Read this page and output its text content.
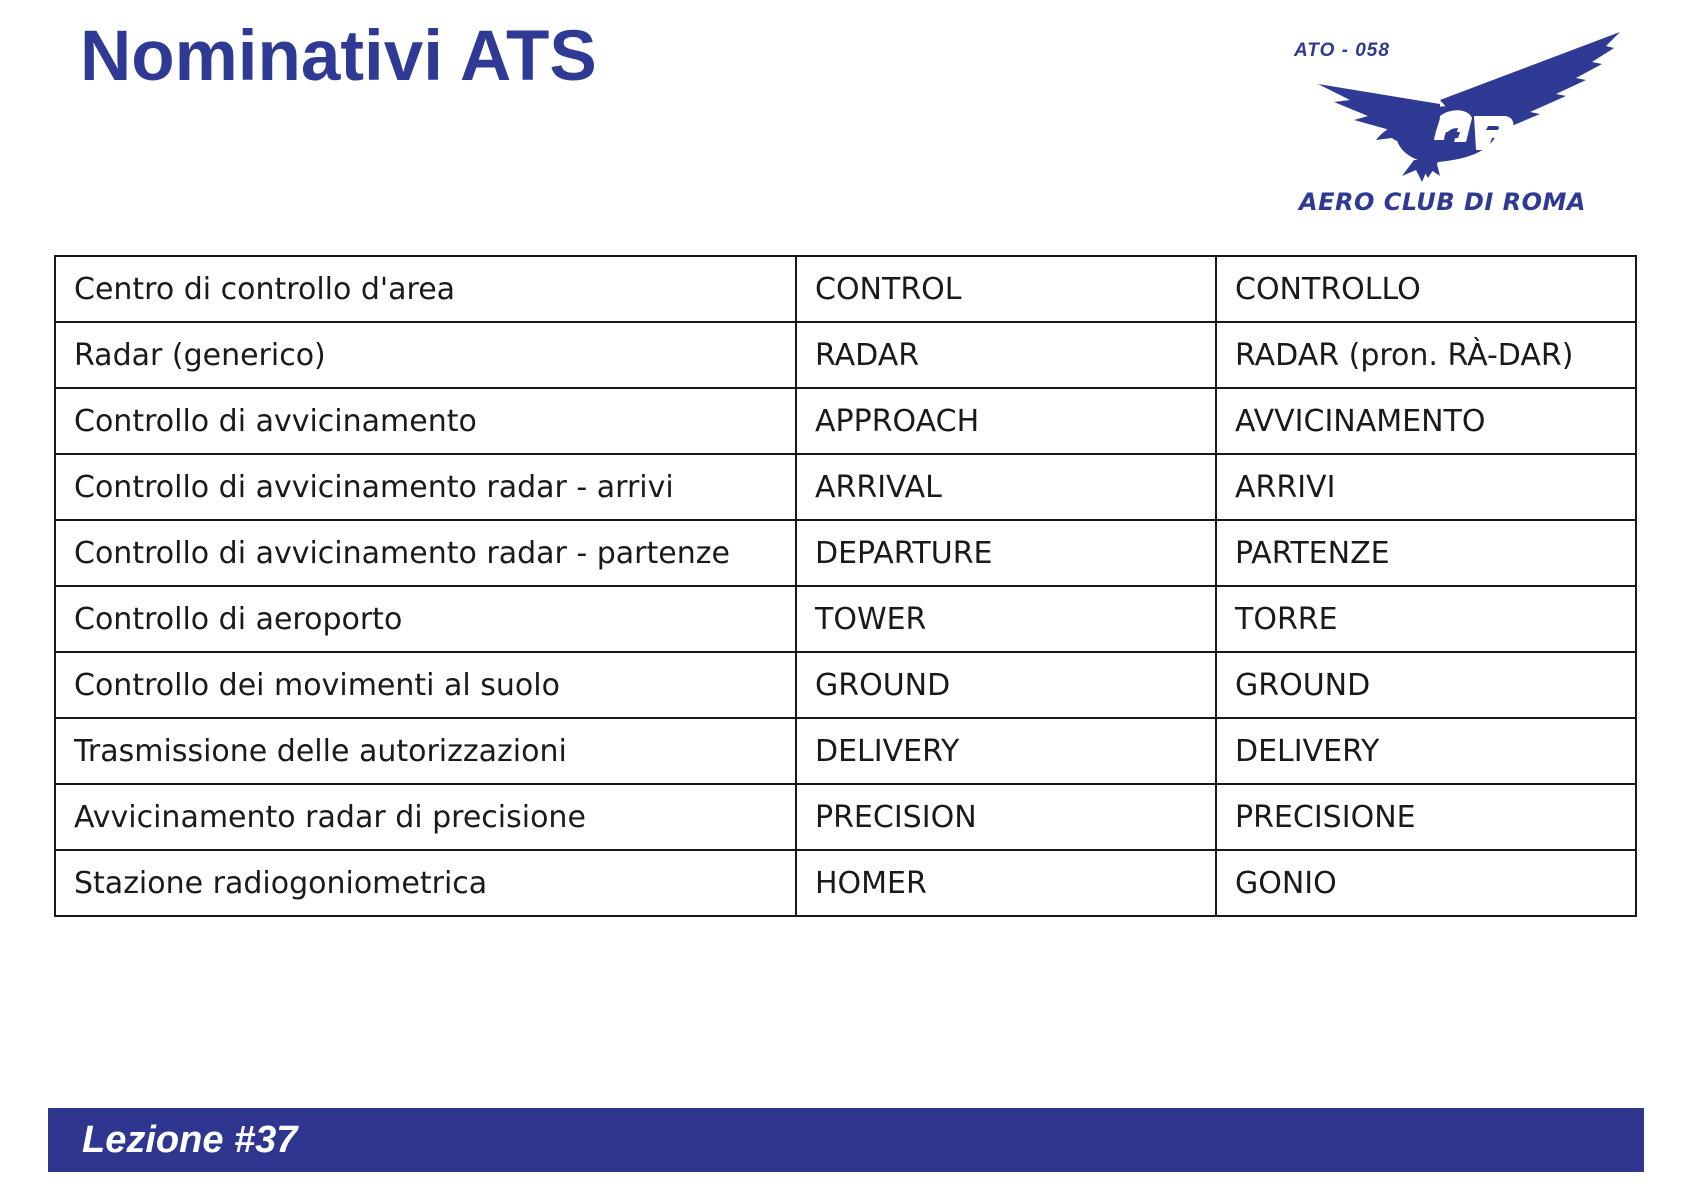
Nominativi ATS	ATO - 058
AERO CLUB DI ROMA
Centro di controllo d'area	CONTROL	CONTROLLO
Radar (generico)	RADAR	RADAR (pron. RÀ-DAR)
Controllo di avvicinamento	APPROACH	AVVICINAMENTO
Controllo di avvicinamento radar - arrivi	ARRIVAL	ARRIVI
Controllo di avvicinamento radar - partenze	DEPARTURE	PARTENZE
Controllo di aeroporto	TOWER	TORRE
Controllo dei movimenti al suolo	GROUND	GROUND
Trasmissione delle autorizzazioni	DELIVERY	DELIVERY
Avvicinamento radar di precisione	PRECISION	PRECISIONE
Stazione radiogoniometrica	HOMER	GONIO
Lezione #37
